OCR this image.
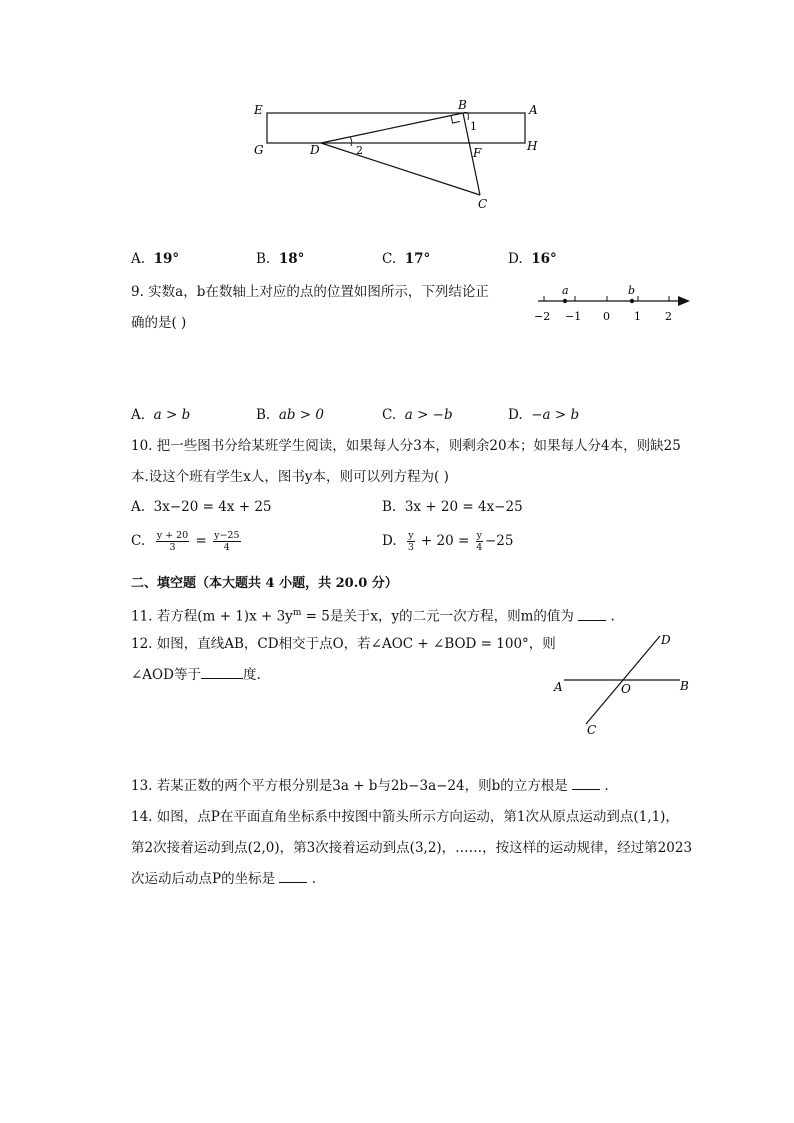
E	B	A
G	D	F	H
C
1
2
A. 19°	B. 18°	C. 17°	D. 16°
9. 实数a，b在数轴上对应的点的位置如图所示，下列结论正
确的是( )
a	b
−2 −1 0 1 2
A. a > b	B. ab > 0	C. a > −b	D. −a > b
10. 把一些图书分给某班学生阅读，如果每人分3本，则剩余20本；如果每人分4本，则缺25
本.设这个班有学生x人，图书y本，则可以列方程为( )
A. 3x−20 = 4x + 25	B. 3x + 20 = 4x−25
C. $\frac{y + 20}{3} = \frac{y-25}{4}$	D. $\frac{y}{3} + 20 = \frac{y}{4} -25$
二、填空题（本大题共 4 小题，共 20.0 分）
11. 若方程$(m + 1)x + 3y^m = 5$是关于x，y的二元一次方程，则m的值为	.
12. 如图，直线AB，CD相交于点O，若∠AOC + ∠BOD = 100°，则
∠AOD等于	度.
A	O	B
C
D
13. 若某正数的两个平方根分别是3a + b与2b−3a−24，则b的立方根是	.
14. 如图，点P在平面直角坐标系中按图中箭头所示方向运动，第1次从原点运动到点(1,1)，
第2次接着运动到点(2,0)，第3次接着运动到点(3,2)，……，按这样的运动规律，经过第2023
次运动后动点P的坐标是	.
